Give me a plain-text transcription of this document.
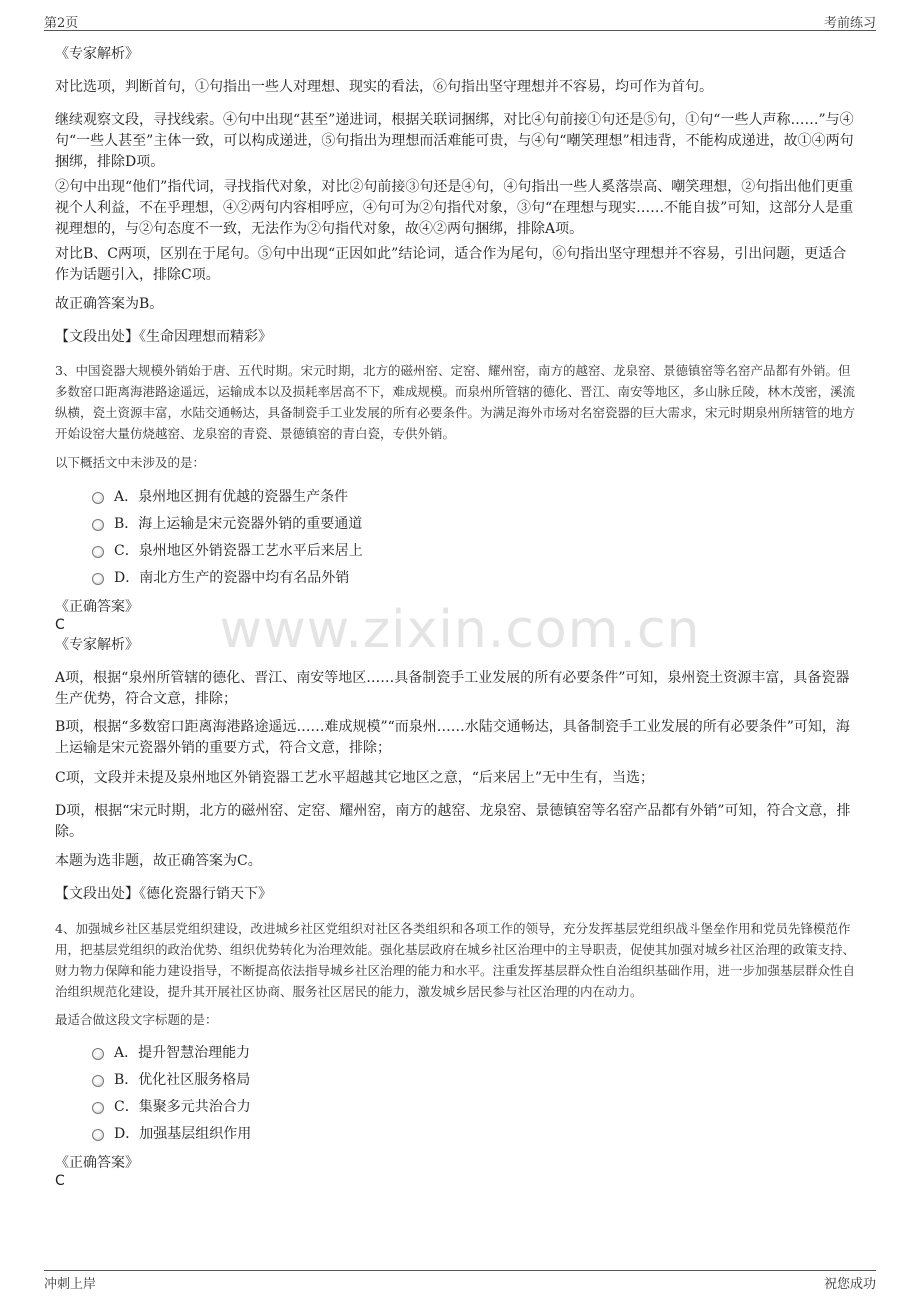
第2页	考前练习
www.zixin.com.cn

《专家解析》

对比选项，判断首句，①句指出一些人对理想、现实的看法，⑥句指出坚守理想并不容易，均可作为首句。

继续观察文段，寻找线索。④句中出现“甚至”递进词，根据关联词捆绑，对比④句前接①句还是⑤句，①句“一些人声称……”与④句“一些人甚至”主体一致，可以构成递进，⑤句指出为理想而活难能可贵，与④句“嘲笑理想”相违背，不能构成递进，故①④两句捆绑，排除D项。

②句中出现“他们”指代词，寻找指代对象，对比②句前接③句还是④句，④句指出一些人奚落崇高、嘲笑理想，②句指出他们更重视个人利益，不在乎理想，④②两句内容相呼应，④句可为②句指代对象，③句“在理想与现实……不能自拔”可知，这部分人是重视理想的，与②句态度不一致，无法作为②句指代对象，故④②两句捆绑，排除A项。

对比B、C两项，区别在于尾句。⑤句中出现“正因如此”结论词，适合作为尾句，⑥句指出坚守理想并不容易，引出问题，更适合作为话题引入，排除C项。

故正确答案为B。

【文段出处】《生命因理想而精彩》

3、中国瓷器大规模外销始于唐、五代时期。宋元时期，北方的磁州窑、定窑、耀州窑，南方的越窑、龙泉窑、景德镇窑等名窑产品都有外销。但多数窑口距离海港路途遥远，运输成本以及损耗率居高不下，难成规模。而泉州所管辖的德化、晋江、南安等地区，多山脉丘陵，林木茂密，溪流纵横，瓷土资源丰富，水陆交通畅达，具备制瓷手工业发展的所有必要条件。为满足海外市场对名窑瓷器的巨大需求，宋元时期泉州所辖管的地方开始设窑大量仿烧越窑、龙泉窑的青瓷、景德镇窑的青白瓷，专供外销。

以下概括文中未涉及的是：

A．泉州地区拥有优越的瓷器生产条件
B．海上运输是宋元瓷器外销的重要通道
C．泉州地区外销瓷器工艺水平后来居上
D．南北方生产的瓷器中均有名品外销

《正确答案》

C

《专家解析》

A项，根据“泉州所管辖的德化、晋江、南安等地区……具备制瓷手工业发展的所有必要条件”可知，泉州瓷土资源丰富，具备瓷器生产优势，符合文意，排除；

B项，根据“多数窑口距离海港路途遥远……难成规模”“而泉州……水陆交通畅达，具备制瓷手工业发展的所有必要条件”可知，海上运输是宋元瓷器外销的重要方式，符合文意，排除；

C项，文段并未提及泉州地区外销瓷器工艺水平超越其它地区之意，“后来居上”无中生有，当选；

D项，根据“宋元时期，北方的磁州窑、定窑、耀州窑，南方的越窑、龙泉窑、景德镇窑等名窑产品都有外销”可知，符合文意，排除。

本题为选非题，故正确答案为C。

【文段出处】《德化瓷器行销天下》

4、加强城乡社区基层党组织建设，改进城乡社区党组织对社区各类组织和各项工作的领导，充分发挥基层党组织战斗堡垒作用和党员先锋模范作用，把基层党组织的政治优势、组织优势转化为治理效能。强化基层政府在城乡社区治理中的主导职责，促使其加强对城乡社区治理的政策支持、财力物力保障和能力建设指导，不断提高依法指导城乡社区治理的能力和水平。注重发挥基层群众性自治组织基础作用，进一步加强基层群众性自治组织规范化建设，提升其开展社区协商、服务社区居民的能力，激发城乡居民参与社区治理的内在动力。

最适合做这段文字标题的是：

A．提升智慧治理能力
B．优化社区服务格局
C．集聚多元共治合力
D．加强基层组织作用

《正确答案》

C

冲刺上岸	祝您成功
